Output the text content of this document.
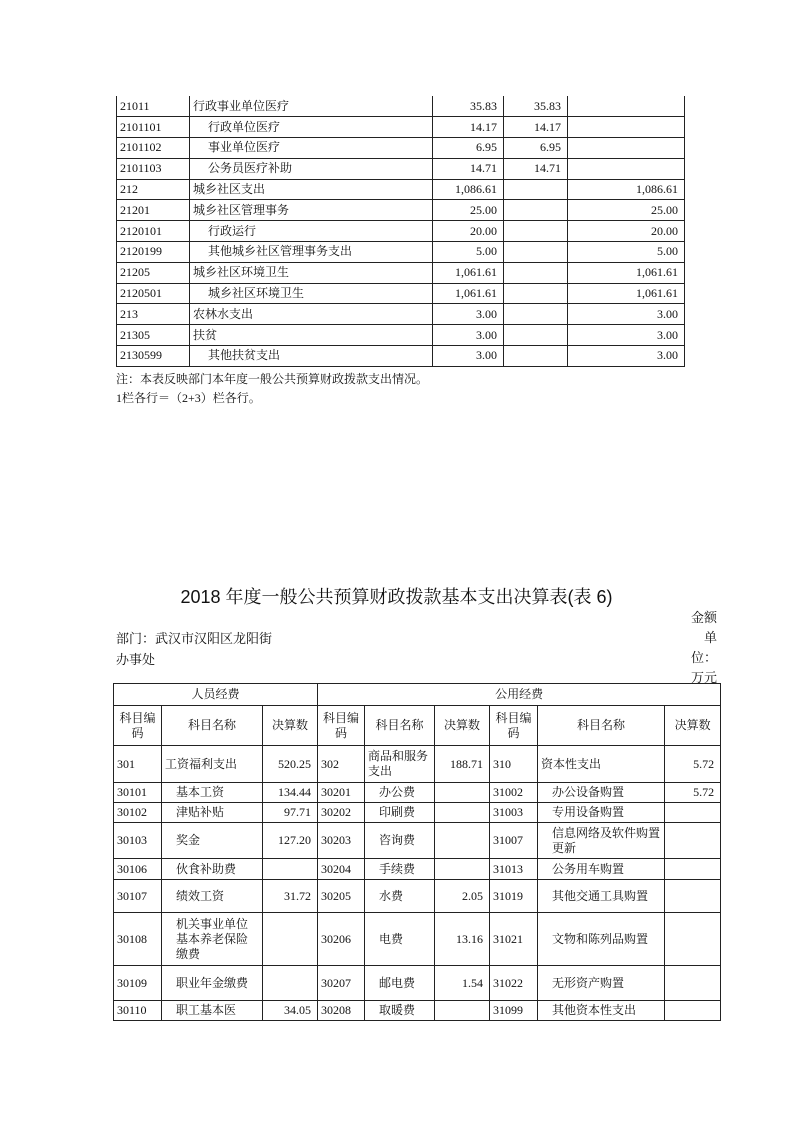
21011	行政事业单位医疗	35.83	35.83	
2101101	行政单位医疗	14.17	14.17	
2101102	事业单位医疗	6.95	6.95	
2101103	公务员医疗补助	14.71	14.71	
212	城乡社区支出	1,086.61		1,086.61
21201	城乡社区管理事务	25.00		25.00
2120101	行政运行	20.00		20.00
2120199	其他城乡社区管理事务支出	5.00		5.00
21205	城乡社区环境卫生	1,061.61		1,061.61
2120501	城乡社区环境卫生	1,061.61		1,061.61
213	农林水支出	3.00		3.00
21305	扶贫	3.00		3.00
2130599	其他扶贫支出	3.00		3.00
注：本表反映部门本年度一般公共预算财政拨款支出情况。
1栏各行＝（2+3）栏各行。
2018 年度一般公共预算财政拨款基本支出决算表(表 6)
部门：武汉市汉阳区龙阳街
办事处
金额
单
位：
万元
人员经费			公用经费					
科目编码	科目名称	决算数	科目编码	科目名称	决算数	科目编码	科目名称	决算数
301	工资福利支出	520.25	302	商品和服务支出	188.71	310	资本性支出	5.72
30101	基本工资	134.44	30201	办公费		31002	办公设备购置	5.72
30102	津贴补贴	97.71	30202	印刷费		31003	专用设备购置	
30103	奖金	127.20	30203	咨询费		31007	信息网络及软件购置更新	
30106	伙食补助费		30204	手续费		31013	公务用车购置	
30107	绩效工资	31.72	30205	水费	2.05	31019	其他交通工具购置	
30108	机关事业单位基本养老保险缴费		30206	电费	13.16	31021	文物和陈列品购置	
30109	职业年金缴费		30207	邮电费	1.54	31022	无形资产购置	
30110	职工基本医	34.05	30208	取暖费		31099	其他资本性支出	
